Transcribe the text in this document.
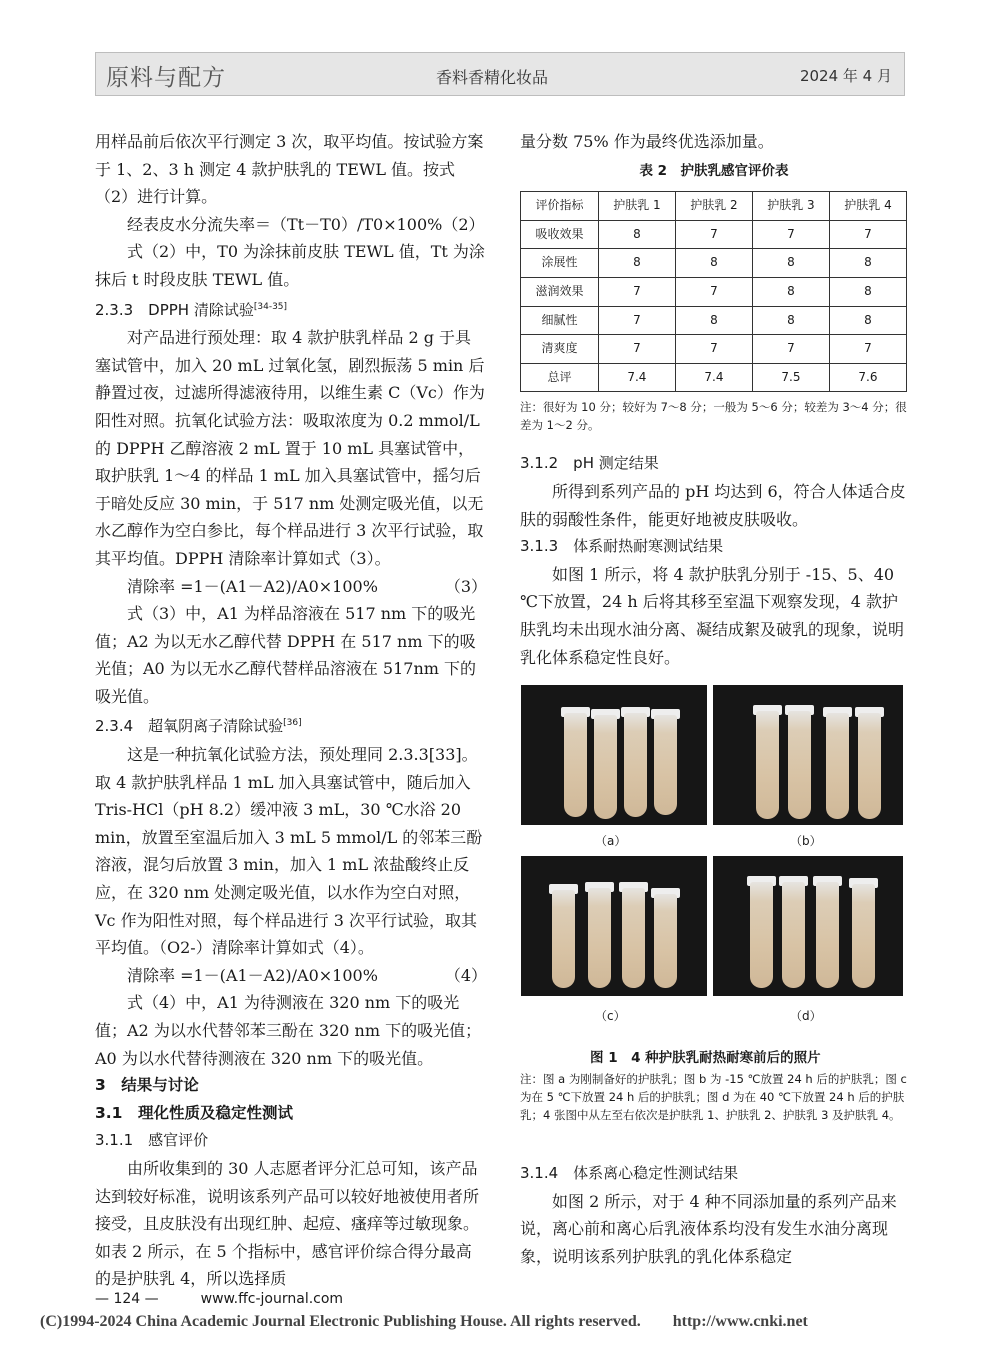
原料与配方	香料香精化妆品	2024 年 4 月

用样品前后依次平行测定 3 次，取平均值。按试验方案于 1、2、3 h 测定 4 款护肤乳的 TEWL 值。按式（2）进行计算。

经表皮水分流失率＝（Tt－T0）/T0×100%（2）

式（2）中，T0 为涂抹前皮肤 TEWL 值，Tt 为涂抹后 t 时段皮肤 TEWL 值。

2.3.3　DPPH 清除试验[34-35]

对产品进行预处理：取 4 款护肤乳样品 2 g 于具塞试管中，加入 20 mL 过氧化氢，剧烈振荡 5 min 后静置过夜，过滤所得滤液待用，以维生素 C（Vc）作为阳性对照。抗氧化试验方法：吸取浓度为 0.2 mmol/L 的 DPPH 乙醇溶液 2 mL 置于 10 mL 具塞试管中，取护肤乳 1～4 的样品 1 mL 加入具塞试管中，摇匀后于暗处反应 30 min，于 517 nm 处测定吸光值，以无水乙醇作为空白参比，每个样品进行 3 次平行试验，取其平均值。DPPH 清除率计算如式（3）。

清除率 =1－(A1－A2)/A0×100%	（3）

式（3）中，A1 为样品溶液在 517 nm 下的吸光值；A2 为以无水乙醇代替 DPPH 在 517 nm 下的吸光值；A0 为以无水乙醇代替样品溶液在 517nm 下的吸光值。

2.3.4　超氧阴离子清除试验[36]

这是一种抗氧化试验方法，预处理同 2.3.3[33]。取 4 款护肤乳样品 1 mL 加入具塞试管中，随后加入 Tris-HCl（pH 8.2）缓冲液 3 mL，30 ℃水浴 20 min，放置至室温后加入 3 mL 5 mmol/L 的邻苯三酚溶液，混匀后放置 3 min，加入 1 mL 浓盐酸终止反应，在 320 nm 处测定吸光值，以水作为空白对照，Vc 作为阳性对照，每个样品进行 3 次平行试验，取其平均值。（O2-）清除率计算如式（4）。

清除率 =1－(A1－A2)/A0×100%	（4）

式（4）中，A1 为待测液在 320 nm 下的吸光值；A2 为以水代替邻苯三酚在 320 nm 下的吸光值；A0 为以水代替待测液在 320 nm 下的吸光值。

3　结果与讨论

3.1　理化性质及稳定性测试

3.1.1　感官评价

由所收集到的 30 人志愿者评分汇总可知，该产品达到较好标准，说明该系列产品可以较好地被使用者所接受，且皮肤没有出现红肿、起痘、瘙痒等过敏现象。如表 2 所示，在 5 个指标中，感官评价综合得分最高的是护肤乳 4，所以选择质

量分数 75% 作为最终优选添加量。

表 2　护肤乳感官评价表
评价指标	护肤乳 1	护肤乳 2	护肤乳 3	护肤乳 4
吸收效果	8	7	7	7
涂展性	8	8	8	8
滋润效果	7	7	8	8
细腻性	7	8	8	8
清爽度	7	7	7	7
总评	7.4	7.4	7.5	7.6
注：很好为 10 分；较好为 7～8 分；一般为 5～6 分；较差为 3～4 分；很差为 1～2 分。

3.1.2　pH 测定结果

所得到系列产品的 pH 均达到 6，符合人体适合皮肤的弱酸性条件，能更好地被皮肤吸收。

3.1.3　体系耐热耐寒测试结果

如图 1 所示，将 4 款护肤乳分别于 -15、5、40 ℃下放置，24 h 后将其移至室温下观察发现，4 款护肤乳均未出现水油分离、凝结成絮及破乳的现象，说明乳化体系稳定性良好。

（a）	（b）
（c）	（d）
图 1　4 种护肤乳耐热耐寒前后的照片
注：图 a 为刚制备好的护肤乳；图 b 为 -15 ℃放置 24 h 后的护肤乳；图 c 为在 5 ℃下放置 24 h 后的护肤乳；图 d 为在 40 ℃下放置 24 h 后的护肤乳；4 张图中从左至右依次是护肤乳 1、护肤乳 2、护肤乳 3 及护肤乳 4。

3.1.4　体系离心稳定性测试结果

如图 2 所示，对于 4 种不同添加量的系列产品来说，离心前和离心后乳液体系均没有发生水油分离现象，说明该系列护肤乳的乳化体系稳定

— 124 —　　　www.ffc-journal.com
(C)1994-2024 China Academic Journal Electronic Publishing House. All rights reserved.　　http://www.cnki.net
